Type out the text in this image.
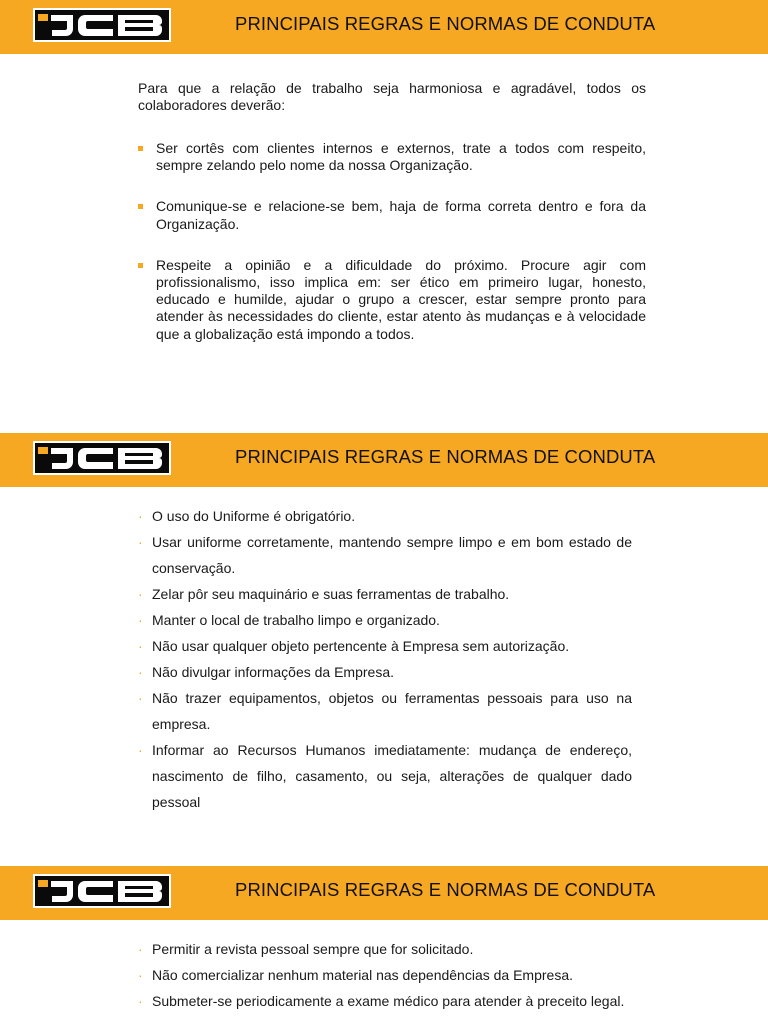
PRINCIPAIS REGRAS E NORMAS DE CONDUTA
Para que a relação de trabalho seja harmoniosa e agradável, todos os colaboradores deverão:
Ser cortês com clientes internos e externos, trate a todos com respeito, sempre zelando pelo nome da nossa Organização.
Comunique-se e relacione-se bem, haja de forma correta dentro e fora da Organização.
Respeite a opinião e a dificuldade do próximo. Procure agir com profissionalismo, isso implica em: ser ético em primeiro lugar, honesto, educado e humilde, ajudar o grupo a crescer, estar sempre pronto para atender às necessidades do cliente, estar atento às mudanças e à velocidade que a globalização está impondo a todos.
PRINCIPAIS REGRAS E NORMAS DE CONDUTA
· O uso do Uniforme é obrigatório.
· Usar uniforme corretamente, mantendo sempre limpo e em bom estado de conservação.
· Zelar pôr seu maquinário e suas ferramentas de trabalho.
· Manter o local de trabalho limpo e organizado.
· Não usar qualquer objeto pertencente à Empresa sem autorização.
· Não divulgar informações da Empresa.
· Não trazer equipamentos, objetos ou ferramentas pessoais para uso na empresa.
· Informar ao Recursos Humanos imediatamente: mudança de endereço, nascimento de filho, casamento, ou seja, alterações de qualquer dado pessoal
PRINCIPAIS REGRAS E NORMAS DE CONDUTA
· Permitir a revista pessoal sempre que for solicitado.
· Não comercializar nenhum material nas dependências da Empresa.
· Submeter-se periodicamente a exame médico para atender à preceito legal.
